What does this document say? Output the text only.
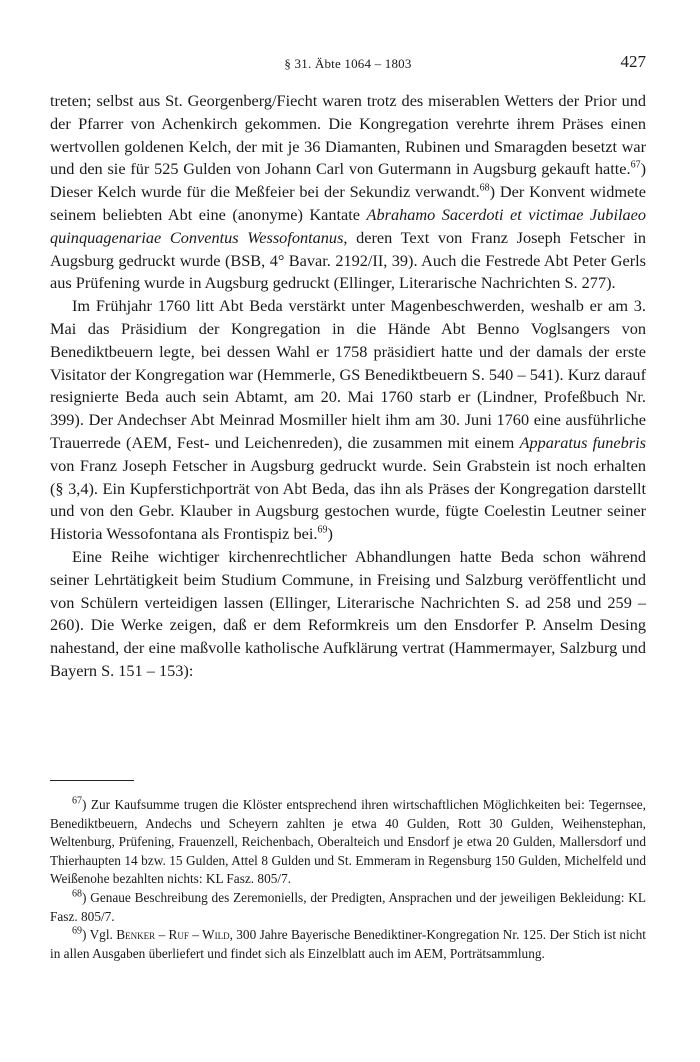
§ 31. Äbte 1064 – 1803	427

treten; selbst aus St. Georgenberg/Fiecht waren trotz des miserablen Wetters der Prior und der Pfarrer von Achenkirch gekommen. Die Kongregation verehrte ihrem Präses einen wertvollen goldenen Kelch, der mit je 36 Diamanten, Rubinen und Smaragden besetzt war und den sie für 525 Gulden von Johann Carl von Gutermann in Augsburg gekauft hatte.$^{67}$) Dieser Kelch wurde für die Meßfeier bei der Sekundiz verwandt.$^{68}$) Der Konvent widmete seinem beliebten Abt eine (anonyme) Kantate Abrahamo Sacerdoti et victimae Jubilaeo quinquagenariae Conventus Wessofontanus, deren Text von Franz Joseph Fetscher in Augsburg gedruckt wurde (BSB, 4° Bavar. 2192/II, 39). Auch die Festrede Abt Peter Gerls aus Prüfening wurde in Augsburg gedruckt (Ellinger, Literarische Nachrichten S. 277).

Im Frühjahr 1760 litt Abt Beda verstärkt unter Magenbeschwerden, weshalb er am 3. Mai das Präsidium der Kongregation in die Hände Abt Benno Voglsangers von Benediktbeuern legte, bei dessen Wahl er 1758 präsidiert hatte und der damals der erste Visitator der Kongregation war (Hemmerle, GS Benediktbeuern S. 540 – 541). Kurz darauf resignierte Beda auch sein Abtamt, am 20. Mai 1760 starb er (Lindner, Profeßbuch Nr. 399). Der Andechser Abt Meinrad Mosmiller hielt ihm am 30. Juni 1760 eine ausführliche Trauerrede (AEM, Fest- und Leichenreden), die zusammen mit einem Apparatus funebris von Franz Joseph Fetscher in Augsburg gedruckt wurde. Sein Grabstein ist noch erhalten (§ 3,4). Ein Kupferstichporträt von Abt Beda, das ihn als Präses der Kongregation darstellt und von den Gebr. Klauber in Augsburg gestochen wurde, fügte Coelestin Leutner seiner Historia Wessofontana als Frontispiz bei.$^{69}$)

Eine Reihe wichtiger kirchenrechtlicher Abhandlungen hatte Beda schon während seiner Lehrtätigkeit beim Studium Commune, in Freising und Salzburg veröffentlicht und von Schülern verteidigen lassen (Ellinger, Literarische Nachrichten S. ad 258 und 259 – 260). Die Werke zeigen, daß er dem Reformkreis um den Ensdorfer P. Anselm Desing nahestand, der eine maßvolle katholische Aufklärung vertrat (Hammermayer, Salzburg und Bayern S. 151 – 153):

$^{67}$) Zur Kaufsumme trugen die Klöster entsprechend ihren wirtschaftlichen Möglichkeiten bei: Tegernsee, Benediktbeuern, Andechs und Scheyern zahlten je etwa 40 Gulden, Rott 30 Gulden, Weihenstephan, Weltenburg, Prüfening, Frauenzell, Reichenbach, Oberalteich und Ensdorf je etwa 20 Gulden, Mallersdorf und Thierhaupten 14 bzw. 15 Gulden, Attel 8 Gulden und St. Emmeram in Regensburg 150 Gulden, Michelfeld und Weißenohe bezahlten nichts: KL Fasz. 805/7.

$^{68}$) Genaue Beschreibung des Zeremoniells, der Predigten, Ansprachen und der jeweiligen Bekleidung: KL Fasz. 805/7.

$^{69}$) Vgl. Benker – Ruf – Wild, 300 Jahre Bayerische Benediktiner-Kongregation Nr. 125. Der Stich ist nicht in allen Ausgaben überliefert und findet sich als Einzelblatt auch im AEM, Porträtsammlung.
